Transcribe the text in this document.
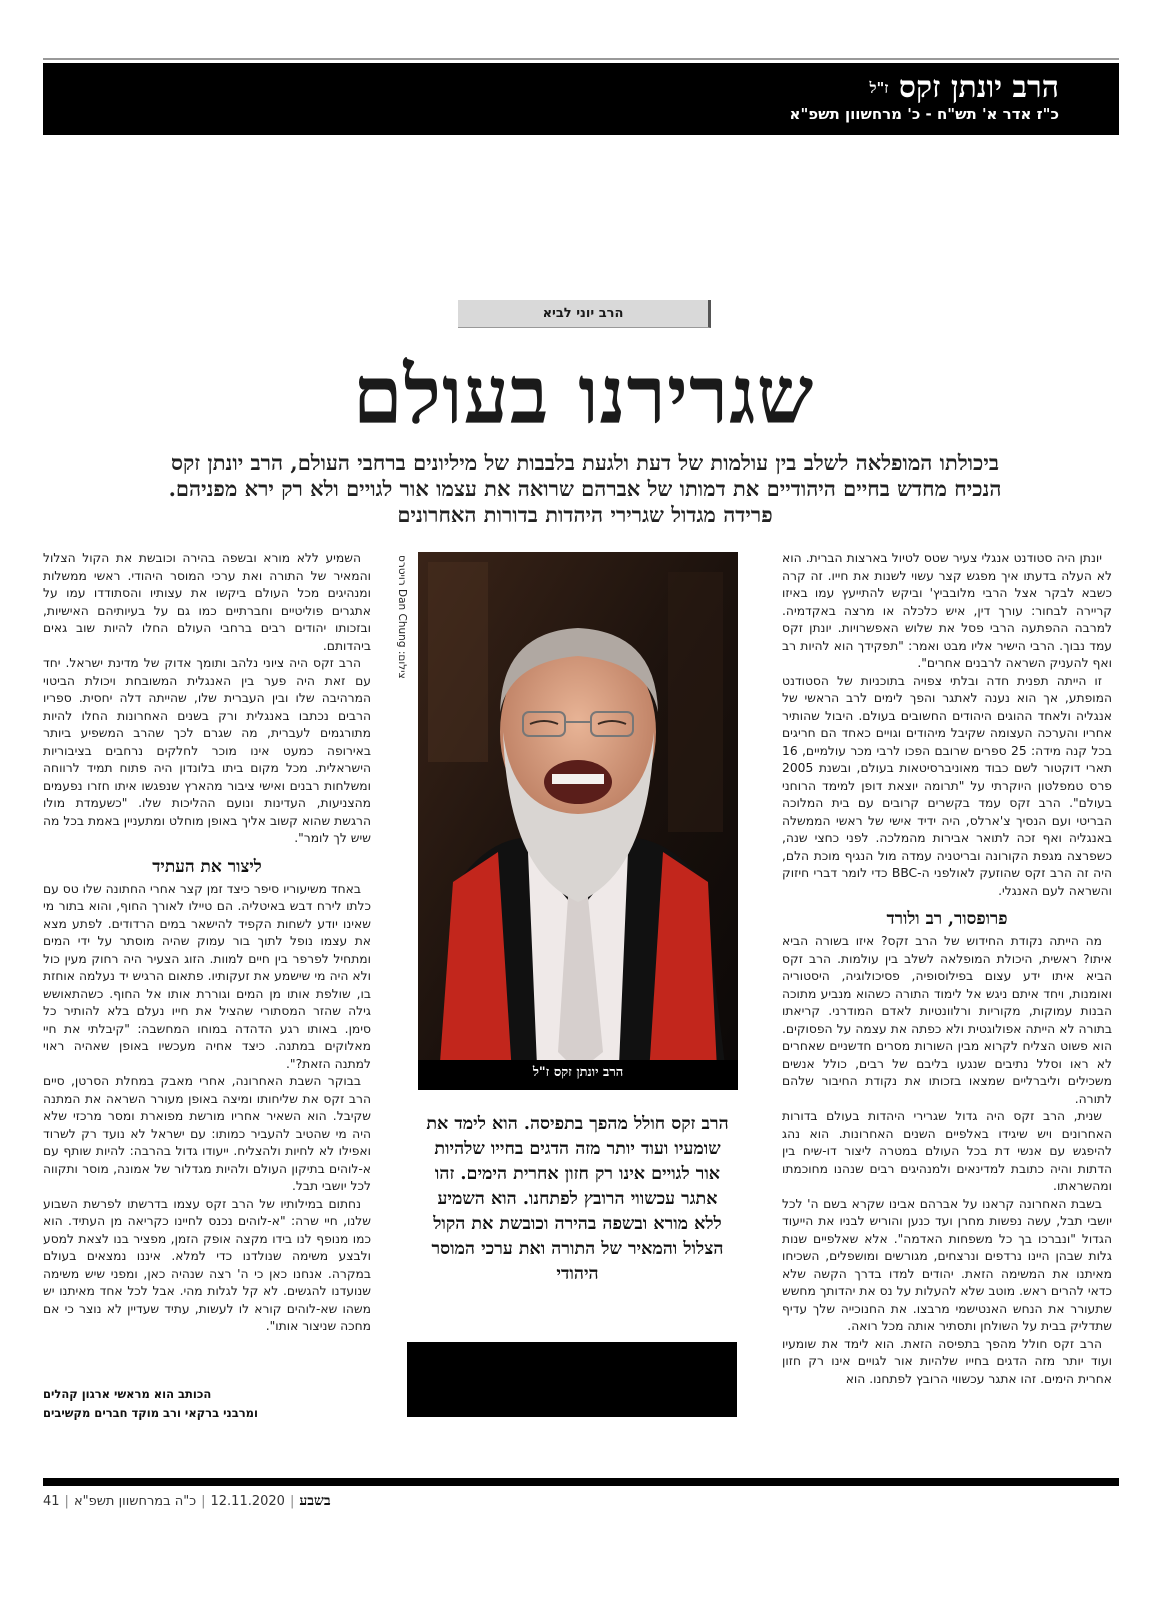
הרב יונתן זקס $^{ז"ל}$
כ"ז אדר א' תש"ח - כ' מרחשוון תשפ"א
הרב יוני לביא
שגרירנו בעולם
ביכולתו המופלאה לשלב בין עולמות של דעת ולגעת בלבבות של מיליונים ברחבי העולם, הרב יונתן זקס הנכיח מחדש בחיים היהודיים את דמותו של אברהם שרואה את עצמו אור לגויים ולא רק ירא מפניהם. פרידה מגדול שגרירי היהדות בדורות האחרונים

יונתן היה סטודנט אנגלי צעיר שטס לטיול בארצות הברית. הוא לא העלה בדעתו איך מפגש קצר עשוי לשנות את חייו. זה קרה כשבא לבקר אצל הרבי מלובביץ' וביקש להתייעץ עמו באיזו קריירה לבחור: עורך דין, איש כלכלה או מרצה באקדמיה. למרבה ההפתעה הרבי פסל את שלוש האפשרויות. יונתן זקס עמד נבוך. הרבי הישיר אליו מבט ואמר: "תפקידך הוא להיות רב ואף להעניק השראה לרבנים אחרים".

זו הייתה תפנית חדה ובלתי צפויה בתוכניות של הסטודנט המופתע, אך הוא נענה לאתגר והפך לימים לרב הראשי של אנגליה ולאחד ההוגים היהודים החשובים בעולם. היבול שהותיר אחריו והערכה העצומה שקיבל מיהודים וגויים כאחד הם חריגים בכל קנה מידה: 25 ספרים שרובם הפכו לרבי מכר עולמיים, 16 תארי דוקטור לשם כבוד מאוניברסיטאות בעולם, ובשנת 2005 פרס טמפלטון היוקרתי על "תרומה יוצאת דופן למימד הרוחני בעולם". הרב זקס עמד בקשרים קרובים עם בית המלוכה הבריטי ועם הנסיך צ'ארלס, היה ידיד אישי של ראשי הממשלה באנגליה ואף זכה לתואר אבירות מהמלכה. לפני כחצי שנה, כשפרצה מגפת הקורונה ובריטניה עמדה מול הנגיף מוכת הלם, היה זה הרב זקס שהוזעק לאולפני ה-BBC כדי לומר דברי חיזוק והשראה לעם האנגלי.

פרופסור, רב ולורד

מה הייתה נקודת החידוש של הרב זקס? איזו בשורה הביא איתו? ראשית, היכולת המופלאה לשלב בין עולמות. הרב זקס הביא איתו ידע עצום בפילוסופיה, פסיכולוגיה, היסטוריה ואומנות, ויחד איתם ניגש אל לימוד התורה כשהוא מנביע מתוכה הבנות עמוקות, מקוריות ורלוונטיות לאדם המודרני. קריאתו בתורה לא הייתה אפולוגטית ולא כפתה את עצמה על הפסוקים. הוא פשוט הצליח לקרוא מבין השורות מסרים חדשניים שאחרים לא ראו וסלל נתיבים שנגעו בליבם של רבים, כולל אנשים משכילים וליברליים שמצאו בזכותו את נקודת החיבור שלהם לתורה.

שנית, הרב זקס היה גדול שגרירי היהדות בעולם בדורות האחרונים ויש שיגידו באלפיים השנים האחרונות. הוא נהג להיפגש עם אנשי דת בכל העולם במטרה ליצור דו-שיח בין הדתות והיה כתובת למדינאים ולמנהיגים רבים שנהנו מחוכמתו ומהשראתו.

בשבת האחרונה קראנו על אברהם אבינו שקרא בשם ה' לכל יושבי תבל, עשה נפשות מחרן ועד כנען והוריש לבניו את הייעוד הגדול "ונברכו בך כל משפחות האדמה". אלא שאלפיים שנות גלות שבהן היינו נרדפים ונרצחים, מגורשים ומושפלים, השכיחו מאיתנו את המשימה הזאת. יהודים למדו בדרך הקשה שלא כדאי להרים ראש. מוטב שלא להעלות על נס את יהדותך מחשש שתעורר את הנחש האנטישמי מרבצו. את החנוכייה שלך עדיף שתדליק בבית על השולחן ותסתיר אותה מכל רואה.

הרב זקס חולל מהפך בתפיסה הזאת. הוא לימד את שומעיו ועוד יותר מזה הדגים בחייו שלהיות אור לגויים אינו רק חזון אחרית הימים. זהו אתגר עכשווי הרובץ לפתחנו. הוא

הרב יונתן זקס ז"ל
צילום: Dan Chung רויטרס
הרב זקס חולל מהפך בתפיסה. הוא לימד את שומעיו ועוד יותר מזה הדגים בחייו שלהיות אור לגויים אינו רק חזון אחרית הימים. זהו אתגר עכשווי הרובץ לפתחנו. הוא השמיע ללא מורא ובשפה בהירה וכובשת את הקול הצלול והמאיר של התורה ואת ערכי המוסר היהודי

השמיע ללא מורא ובשפה בהירה וכובשת את הקול הצלול והמאיר של התורה ואת ערכי המוסר היהודי. ראשי ממשלות ומנהיגים מכל העולם ביקשו את עצותיו והסתודדו עמו על אתגרים פוליטיים וחברתיים כמו גם על בעיותיהם האישיות, ובזכותו יהודים רבים ברחבי העולם החלו להיות שוב גאים ביהדותם.

הרב זקס היה ציוני נלהב ותומך אדוק של מדינת ישראל. יחד עם זאת היה פער בין האנגלית המשובחת ויכולת הביטוי המרהיבה שלו ובין העברית שלו, שהייתה דלה יחסית. ספריו הרבים נכתבו באנגלית ורק בשנים האחרונות החלו להיות מתורגמים לעברית, מה שגרם לכך שהרב המשפיע ביותר באירופה כמעט אינו מוכר לחלקים נרחבים בציבוריות הישראלית. מכל מקום ביתו בלונדון היה פתוח תמיד לרווחה ומשלחות רבנים ואישי ציבור מהארץ שנפגשו איתו חזרו נפעמים מהצניעות, העדינות ונועם ההליכות שלו. "כשעמדת מולו הרגשת שהוא קשוב אליך באופן מוחלט ומתעניין באמת בכל מה שיש לך לומר".

ליצור את העתיד

באחד משיעוריו סיפר כיצד זמן קצר אחרי החתונה שלו טס עם כלתו לירח דבש באיטליה. הם טיילו לאורך החוף, והוא בתור מי שאינו יודע לשחות הקפיד להישאר במים הרדודים. לפתע מצא את עצמו נופל לתוך בור עמוק שהיה מוסתר על ידי המים ומתחיל לפרפר בין חיים למוות. הזוג הצעיר היה רחוק מעין כול ולא היה מי שישמע את זעקותיו. פתאום הרגיש יד נעלמה אוחזת בו, שולפת אותו מן המים וגוררת אותו אל החוף. כשהתאושש גילה שהזר המסתורי שהציל את חייו נעלם בלא להותיר כל סימן. באותו רגע הדהדה במוחו המחשבה: "קיבלתי את חיי מאלוקים במתנה. כיצד אחיה מעכשיו באופן שאהיה ראוי למתנה הזאת?".

בבוקר השבת האחרונה, אחרי מאבק במחלת הסרטן, סיים הרב זקס את שליחותו ומיצה באופן מעורר השראה את המתנה שקיבל. הוא השאיר אחריו מורשת מפוארת ומסר מרכזי שלא היה מי שהטיב להעביר כמותו: עם ישראל לא נועד רק לשרוד ואפילו לא לחיות ולהצליח. ייעודו גדול בהרבה: להיות שותף עם א-לוהים בתיקון העולם ולהיות מגדלור של אמונה, מוסר ותקווה לכל יושבי תבל.

נחתום במילותיו של הרב זקס עצמו בדרשתו לפרשת השבוע שלנו, חיי שרה: "א-לוהים נכנס לחיינו כקריאה מן העתיד. הוא כמו מנופף לנו בידו מקצה אופק הזמן, מפציר בנו לצאת למסע ולבצע משימה שנולדנו כדי למלא. איננו נמצאים בעולם במקרה. אנחנו כאן כי ה' רצה שנהיה כאן, ומפני שיש משימה שנועדנו להגשים. לא קל לגלות מהי. אבל לכל אחד מאיתנו יש משהו שא-לוהים קורא לו לעשות, עתיד שעדיין לא נוצר כי אם מחכה שניצור אותו".

הכותב הוא מראשי ארגון קהלים
ומרבני ברקאי ורב מוקד חברים מקשיבים
41 |	בשבע|12.11.2020|כ"ה במרחשוון תשפ"א
